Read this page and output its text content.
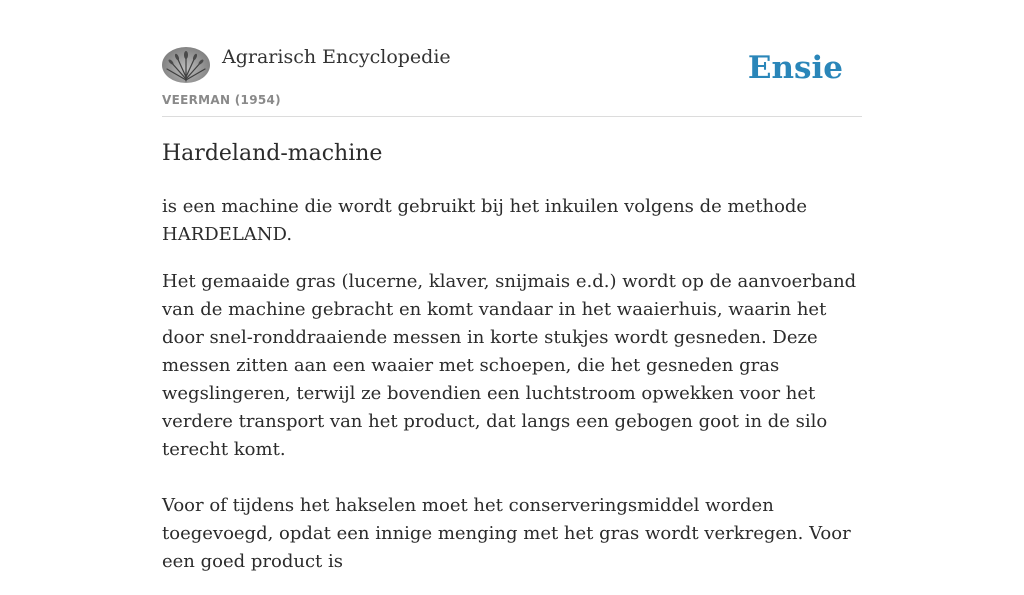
Agrarisch Encyclopedie
VEERMAN (1954)
Ensie
Hardeland-machine

is een machine die wordt gebruikt bij het inkuilen volgens de methode HARDELAND.

Het gemaaide gras (lucerne, klaver, snijmais e.d.) wordt op de aanvoerband van de machine gebracht en komt vandaar in het waaierhuis, waarin het door snel-ronddraaiende messen in korte stukjes wordt gesneden. Deze messen zitten aan een waaier met schoepen, die het gesneden gras wegslingeren, terwijl ze bovendien een luchtstroom opwekken voor het verdere transport van het product, dat langs een gebogen goot in de silo terecht komt.

Voor of tijdens het hakselen moet het conserveringsmiddel worden toegevoegd, opdat een innige menging met het gras wordt verkregen. Voor een goed product is
